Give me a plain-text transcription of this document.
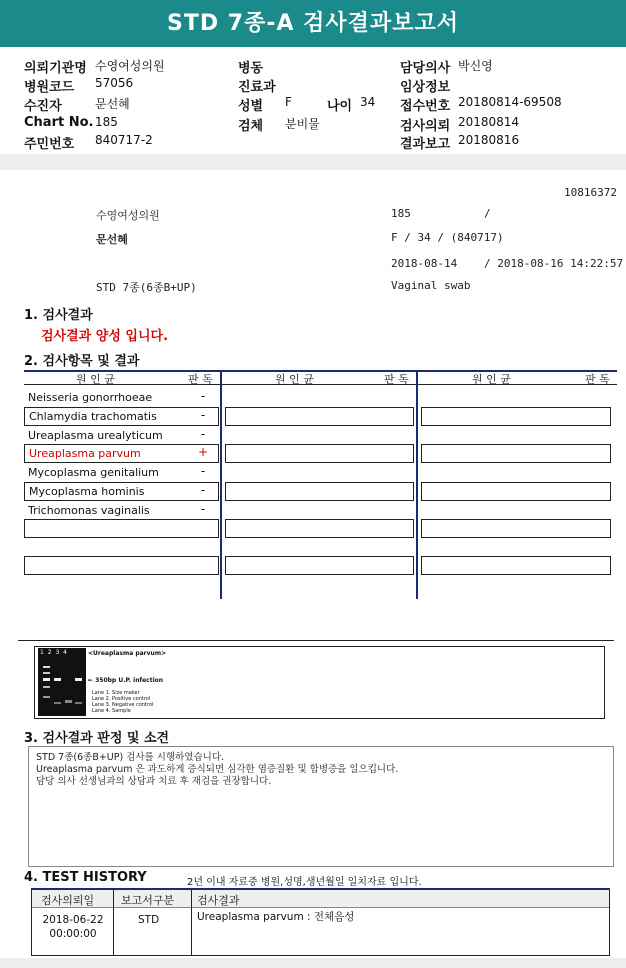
STD 7종-A 검사결과보고서
의뢰기관명 수영여성의원
병원코드 57056
수진자	문선혜
Chart No. 185
주민번호 840717-2
병동
진료과
성별 F	나이 34
검체 분비물
담당의사 박신영
임상정보
접수번호 20180814-69508
검사의뢰 20180814
결과보고 20180816
10816372
수영여성의원	185	/
문선혜	F / 34 / (840717)
2018-08-14 / 2018-08-16 14:22:57
STD 7종(6종B+UP)	Vaginal swab
1. 검사결과
검사결과 양성 입니다.
2. 검사항목 및 결과
원 인 균	판 독	원 인 균	판 독	원 인 균	판 독
Neisseria gonorrhoeae	-
Chlamydia trachomatis	-
Ureaplasma urealyticum	-
Ureaplasma parvum	+
Mycoplasma genitalium	-
Mycoplasma hominis	-
Trichomonas vaginalis	-
1 2 3 4	<Ureaplasma parvum>
← 350bp U.P. infection
Lane 1. Size maker
Lane 2. Positive control
Lane 3. Negative control
Lane 4. Sample
3. 검사결과 판정 및 소견
STD 7종(6종B+UP) 검사를 시행하였습니다.
Ureaplasma parvum 은 과도하게 증식되면 심각한 염증질환 및 합병증을 일으킵니다.
담당 의사 선생님과의 상담과 치료 후 재검을 권장합니다.
4. TEST HISTORY	2년 이내 자료중 병원,성명,생년월일 일치자료 입니다.
검사의뢰일 보고서구분 검사결과
2018-06-22
00:00:00
STD	Ureaplasma parvum : 전체음성
